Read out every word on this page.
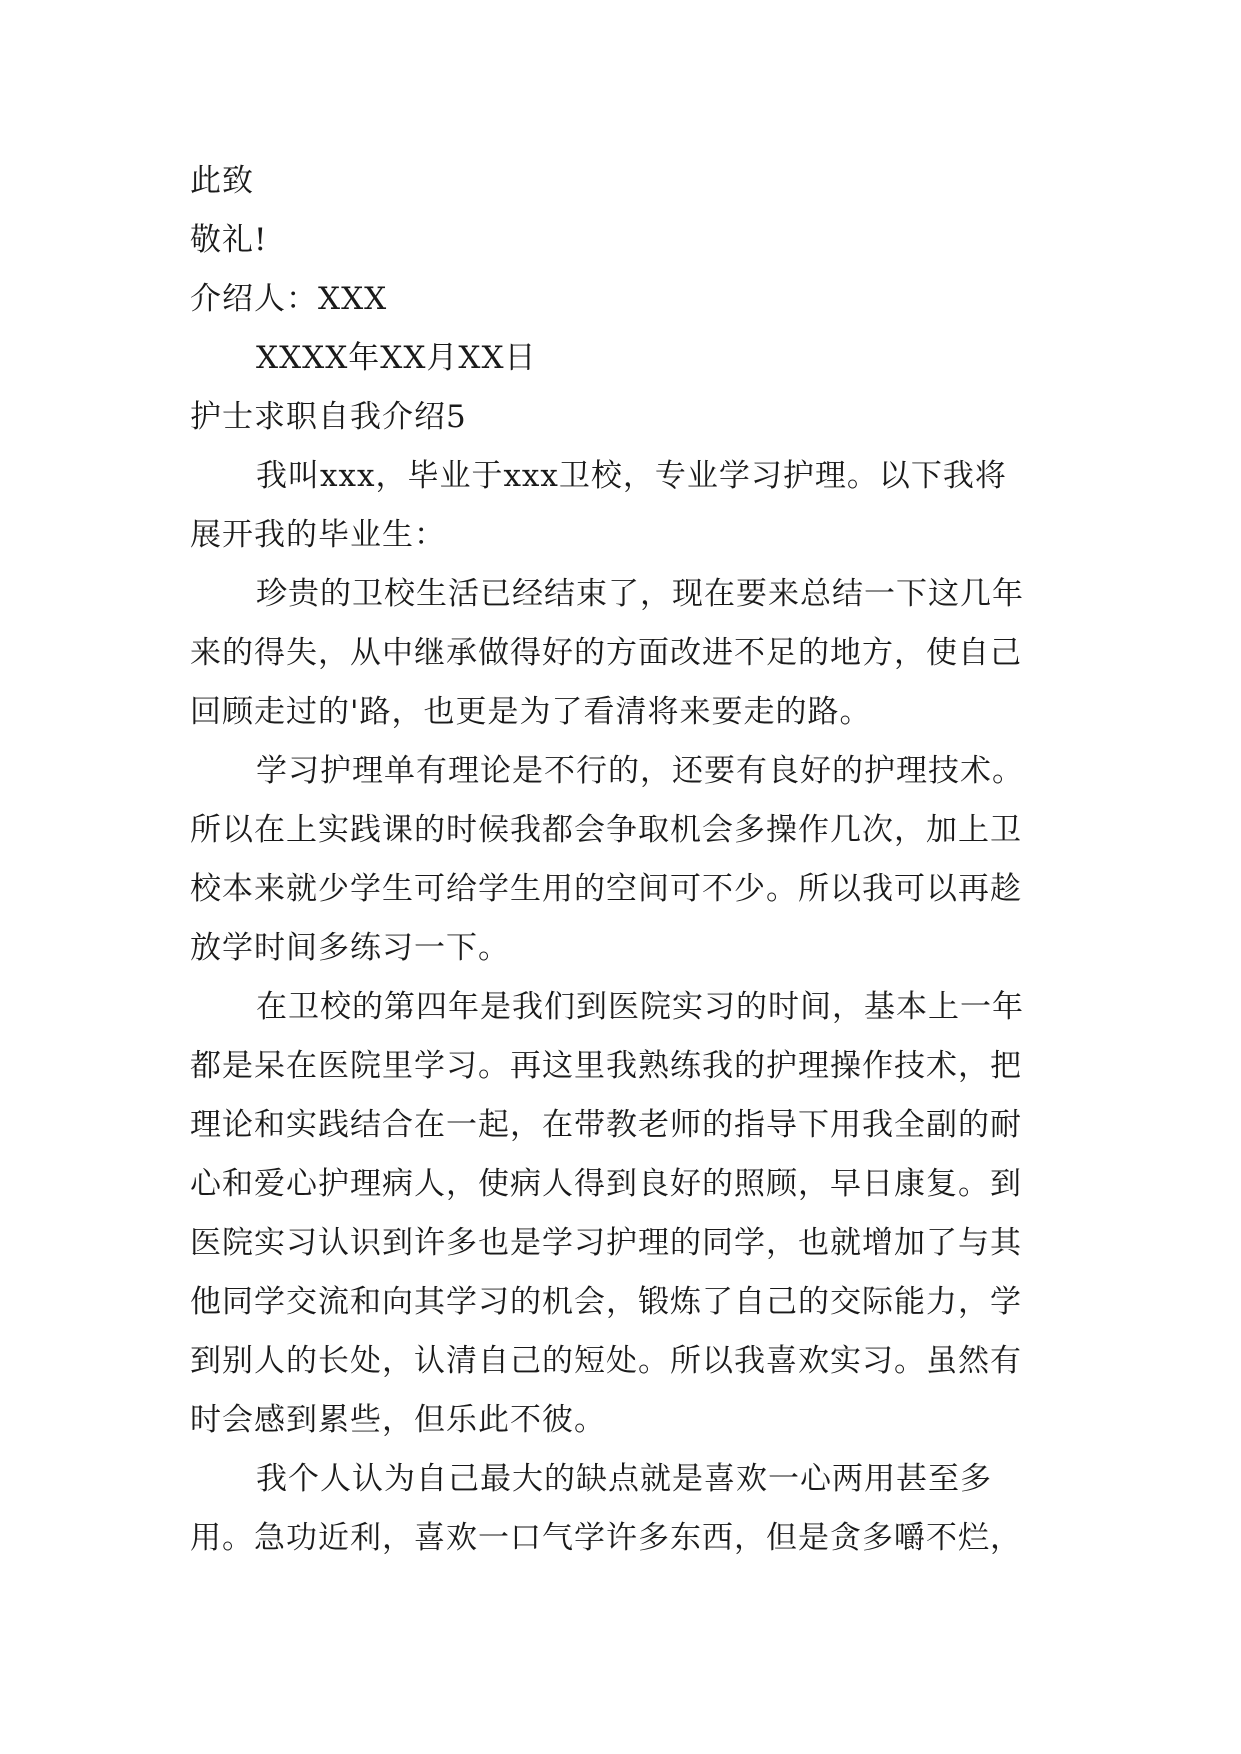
此致
敬礼!
介绍人：XXX
XXXX年XX月XX日
护士求职自我介绍5
我叫xxx，毕业于xxx卫校，专业学习护理。以下我将
展开我的毕业生：
珍贵的卫校生活已经结束了，现在要来总结一下这几年
来的得失，从中继承做得好的方面改进不足的地方，使自己
回顾走过的'路，也更是为了看清将来要走的路。
学习护理单有理论是不行的，还要有良好的护理技术。
所以在上实践课的时候我都会争取机会多操作几次，加上卫
校本来就少学生可给学生用的空间可不少。所以我可以再趁
放学时间多练习一下。
在卫校的第四年是我们到医院实习的时间，基本上一年
都是呆在医院里学习。再这里我熟练我的护理操作技术，把
理论和实践结合在一起，在带教老师的指导下用我全副的耐
心和爱心护理病人，使病人得到良好的照顾，早日康复。到
医院实习认识到许多也是学习护理的同学，也就增加了与其
他同学交流和向其学习的机会，锻炼了自己的交际能力，学
到别人的长处，认清自己的短处。所以我喜欢实习。虽然有
时会感到累些，但乐此不彼。
我个人认为自己最大的缺点就是喜欢一心两用甚至多
用。急功近利，喜欢一口气学许多东西，但是贪多嚼不烂，
